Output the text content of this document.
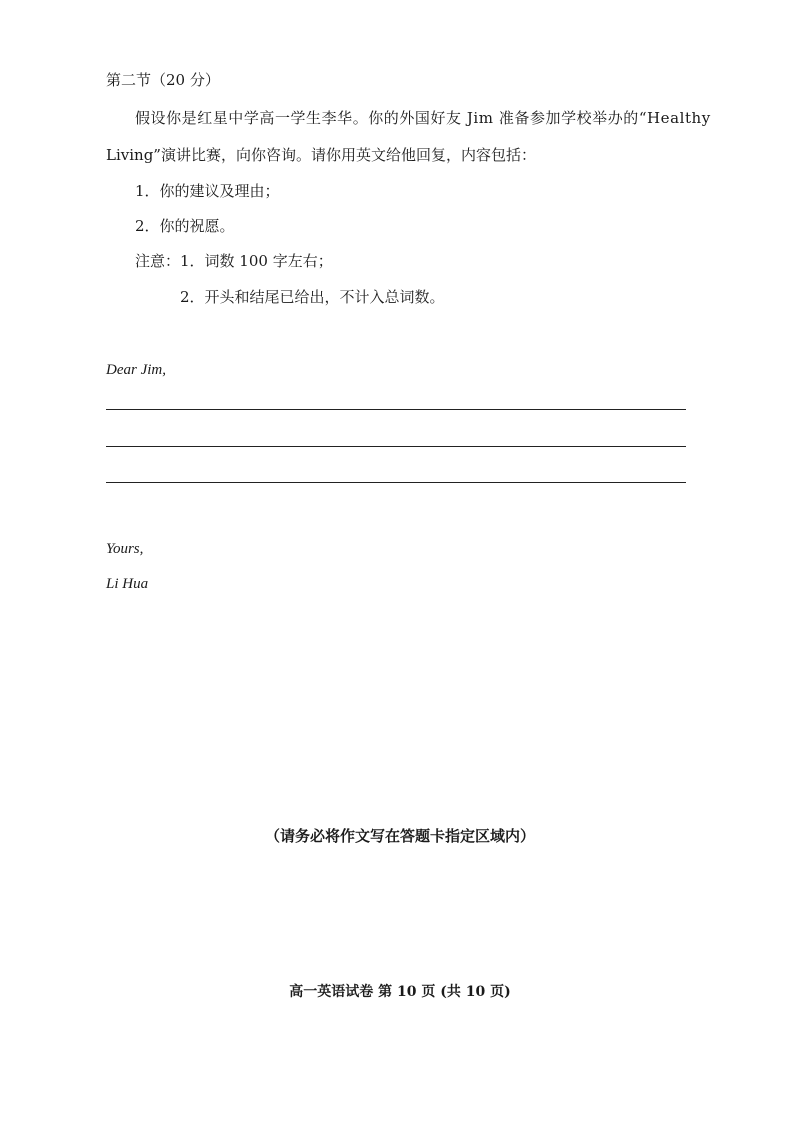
第二节（20 分）
假设你是红星中学高一学生李华。你的外国好友 Jim 准备参加学校举办的“Healthy
Living”演讲比赛，向你咨询。请你用英文给他回复，内容包括：
1．你的建议及理由；
2．你的祝愿。
注意：1．词数 100 字左右；
2．开头和结尾已给出，不计入总词数。
Dear Jim,
Yours,
Li Hua
（请务必将作文写在答题卡指定区域内）
高一英语试卷 第 10 页 (共 10 页)
